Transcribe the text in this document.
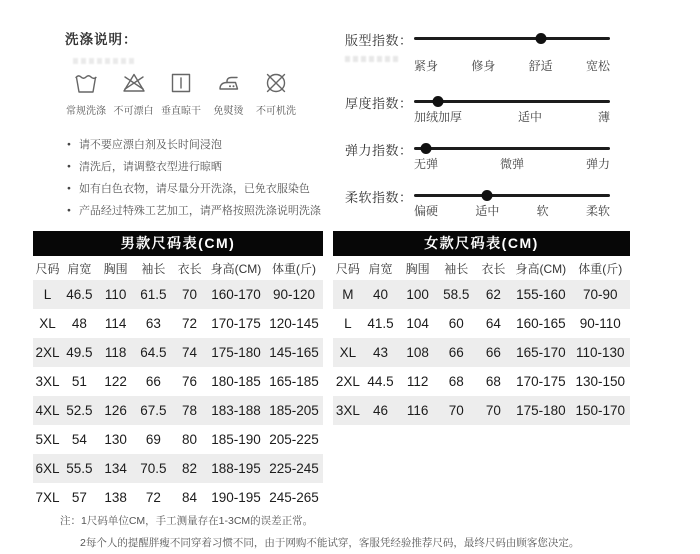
洗涤说明：
常规洗涤 不可漂白 垂直晾干 免熨烫 不可机洗
● 请不要应漂白剂及长时间浸泡
● 清洗后，请调整衣型进行晾晒
● 如有白色衣物，请尽量分开洗涤，已免衣服染色
● 产品经过特殊工艺加工，请严格按照洗涤说明洗涤
版型指数：
紧身	修身	舒适	宽松
厚度指数：
加绒加厚	适中	薄
弹力指数：
无弹	微弹	弹力
柔软指数：
偏硬	适中	软	柔软
男款尺码表(CM)
尺码	肩宽	胸围	袖长	衣长	身高(CM)	体重(斤)
L	46.5	110	61.5	70	160-170	90-120
XL	48	114	63	72	170-175	120-145
2XL	49.5	118	64.5	74	175-180	145-165
3XL	51	122	66	76	180-185	165-185
4XL	52.5	126	67.5	78	183-188	185-205
5XL	54	130	69	80	185-190	205-225
6XL	55.5	134	70.5	82	188-195	225-245
7XL	57	138	72	84	190-195	245-265
女款尺码表(CM)
尺码	肩宽	胸围	袖长	衣长	身高(CM)	体重(斤)
M	40	100	58.5	62	155-160	70-90
L	41.5	104	60	64	160-165	90-110
XL	43	108	66	66	165-170	110-130
2XL	44.5	112	68	68	170-175	130-150
3XL	46	116	70	70	175-180	150-170
注：1尺码单位CM，手工测量存在1-3CM的误差正常。
2每个人的提醒胖瘦不同穿着习惯不同，由于网购不能试穿，客服凭经验推荐尺码，最终尺码由顾客您决定。
